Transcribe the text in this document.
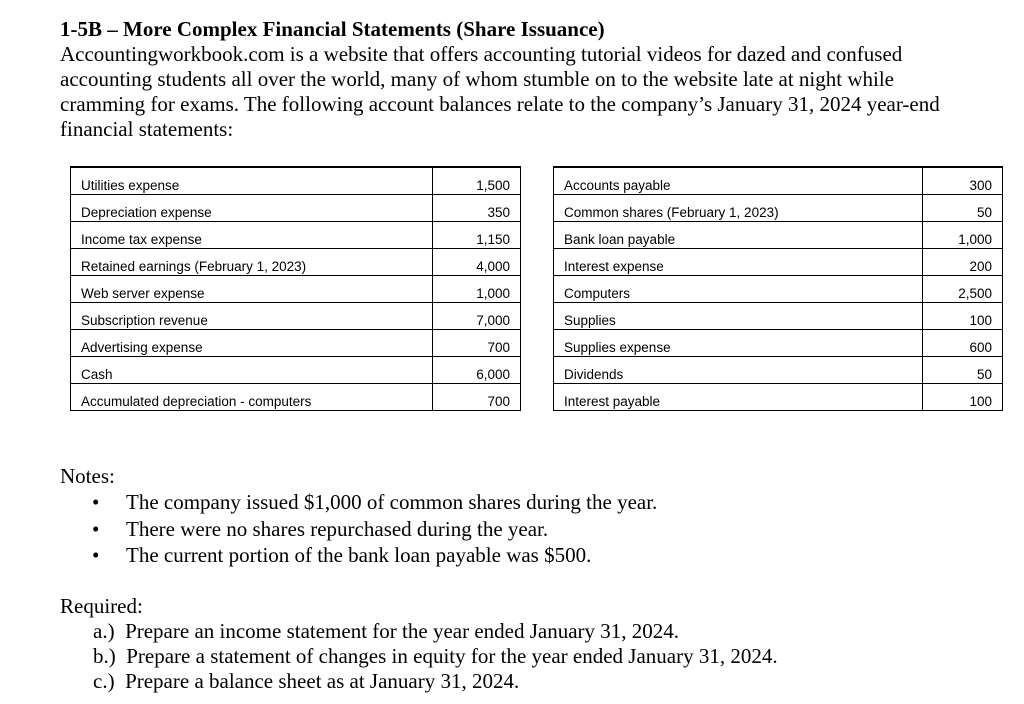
1-5B – More Complex Financial Statements (Share Issuance)

Accountingworkbook.com is a website that offers accounting tutorial videos for dazed and confused accounting students all over the world, many of whom stumble on to the website late at night while cramming for exams. The following account balances relate to the company’s January 31, 2024 year-end financial statements:

Utilities expense	1,500
Depreciation expense	350
Income tax expense	1,150
Retained earnings (February 1, 2023)	4,000
Web server expense	1,000
Subscription revenue	7,000
Advertising expense	700
Cash	6,000
Accumulated depreciation - computers	700
Accounts payable	300
Common shares (February 1, 2023)	50
Bank loan payable	1,000
Interest expense	200
Computers	2,500
Supplies	100
Supplies expense	600
Dividends	50
Interest payable	100
Notes:
• The company issued $1,000 of common shares during the year.
• There were no shares repurchased during the year.
• The current portion of the bank loan payable was $500.
Required:
a.)  Prepare an income statement for the year ended January 31, 2024.
b.)  Prepare a statement of changes in equity for the year ended January 31, 2024.
c.)  Prepare a balance sheet as at January 31, 2024.
